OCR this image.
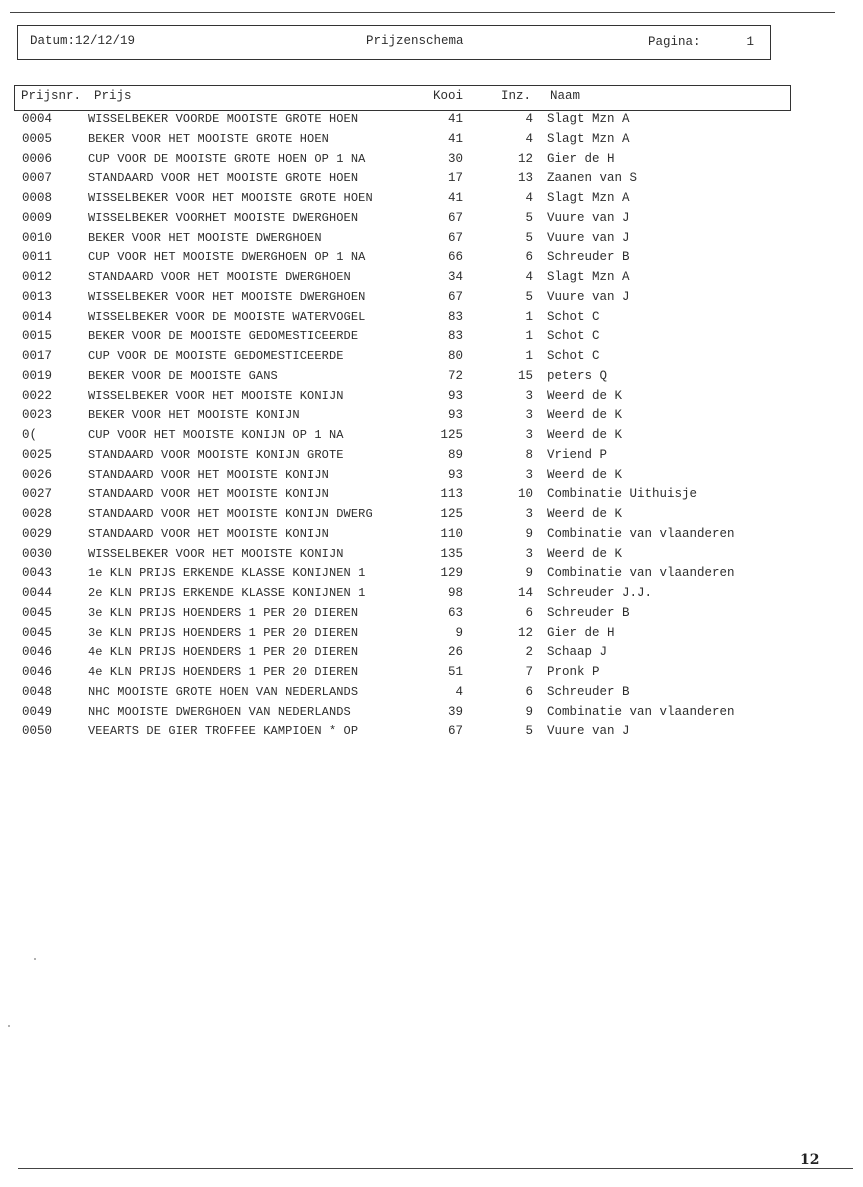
Datum:12/12/19	Prijzenschema	Pagina:	1
Prijsnr. Prijs	Kooi	Inz. Naam
0004	WISSELBEKER VOORDE MOOISTE GROTE HOEN	41	4 Slagt Mzn A
0005	BEKER VOOR HET MOOISTE GROTE HOEN	41	4 Slagt Mzn A
0006	CUP VOOR DE MOOISTE GROTE HOEN OP 1 NA	30	12 Gier de H
0007	STANDAARD VOOR HET MOOISTE GROTE HOEN	17	13 Zaanen van S
0008	WISSELBEKER VOOR HET MOOISTE GROTE HOEN	41	4 Slagt Mzn A
0009	WISSELBEKER VOORHET MOOISTE DWERGHOEN	67	5 Vuure van J
0010	BEKER VOOR HET MOOISTE DWERGHOEN	67	5 Vuure van J
0011	CUP VOOR HET MOOISTE DWERGHOEN OP 1 NA	66	6 Schreuder B
0012	STANDAARD VOOR HET MOOISTE DWERGHOEN	34	4 Slagt Mzn A
0013	WISSELBEKER VOOR HET MOOISTE DWERGHOEN	67	5 Vuure van J
0014	WISSELBEKER VOOR DE MOOISTE WATERVOGEL	83	1 Schot C
0015	BEKER VOOR DE MOOISTE GEDOMESTICEERDE	83	1 Schot C
0017	CUP VOOR DE MOOISTE GEDOMESTICEERDE	80	1 Schot C
0019	BEKER VOOR DE MOOISTE GANS	72	15 peters Q
0022	WISSELBEKER VOOR HET MOOISTE KONIJN	93	3 Weerd de K
0023	BEKER VOOR HET MOOISTE KONIJN	93	3 Weerd de K
0(	CUP VOOR HET MOOISTE KONIJN OP 1 NA	125	3 Weerd de K
0025	STANDAARD VOOR MOOISTE KONIJN GROTE	89	8 Vriend P
0026	STANDAARD VOOR HET MOOISTE KONIJN	93	3 Weerd de K
0027	STANDAARD VOOR HET MOOISTE KONIJN	113	10 Combinatie Uithuisje
0028	STANDAARD VOOR HET MOOISTE KONIJN DWERG	125	3 Weerd de K
0029	STANDAARD VOOR HET MOOISTE KONIJN	110	9 Combinatie van vlaanderen
0030	WISSELBEKER VOOR HET MOOISTE KONIJN	135	3 Weerd de K
0043	1e KLN PRIJS ERKENDE KLASSE KONIJNEN 1	129	9 Combinatie van vlaanderen
0044	2e KLN PRIJS ERKENDE KLASSE KONIJNEN 1	98	14 Schreuder J.J.
0045	3e KLN PRIJS HOENDERS 1 PER 20 DIEREN	63	6 Schreuder B
0045	3e KLN PRIJS HOENDERS 1 PER 20 DIEREN	9	12 Gier de H
0046	4e KLN PRIJS HOENDERS 1 PER 20 DIEREN	26	2 Schaap J
0046	4e KLN PRIJS HOENDERS 1 PER 20 DIEREN	51	7 Pronk P
0048	NHC MOOISTE GROTE HOEN VAN NEDERLANDS	4	6 Schreuder B
0049	NHC MOOISTE DWERGHOEN VAN NEDERLANDS	39	9 Combinatie van vlaanderen
0050	VEEARTS DE GIER TROFFEE KAMPIOEN * OP	67	5 Vuure van J
12
